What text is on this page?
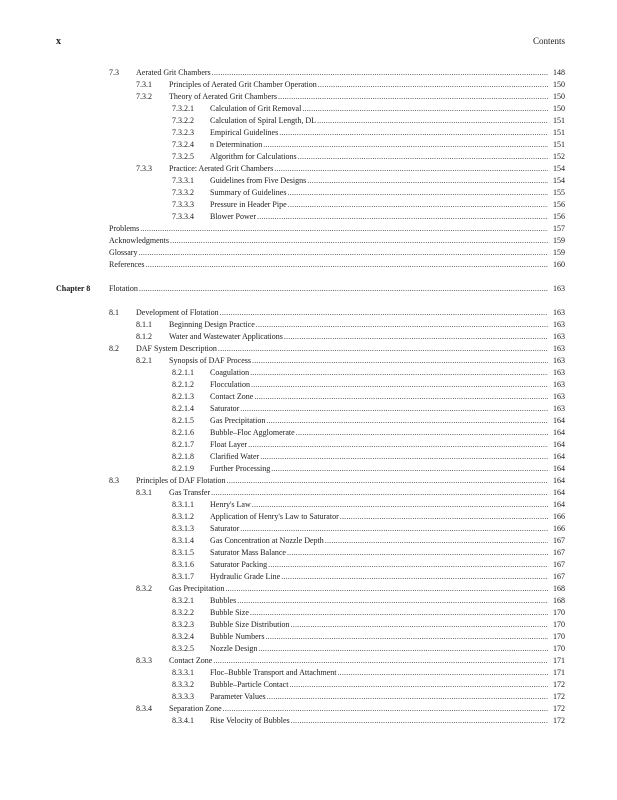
x	Contents
7.3 Aerated Grit Chambers .....	148
7.3.1 Principles of Aerated Grit Chamber Operation .....	150
7.3.2 Theory of Aerated Grit Chambers .....	150
7.3.2.1 Calculation of Grit Removal .....	150
7.3.2.2 Calculation of Spiral Length, DL .....	151
7.3.2.3 Empirical Guidelines .....	151
7.3.2.4 n Determination .....	151
7.3.2.5 Algorithm for Calculations .....	152
7.3.3 Practice: Aerated Grit Chambers .....	154
7.3.3.1 Guidelines from Five Designs .....	154
7.3.3.2 Summary of Guidelines .....	155
7.3.3.3 Pressure in Header Pipe .....	156
7.3.3.4 Blower Power .....	156
Problems .....	157
Acknowledgments .....	159
Glossary .....	159
References .....	160
Chapter 8 Flotation .....	163
8.1 Development of Flotation .....	163
8.1.1 Beginning Design Practice .....	163
8.1.2 Water and Wastewater Applications .....	163
8.2 DAF System Description .....	163
8.2.1 Synopsis of DAF Process .....	163
8.2.1.1 Coagulation .....	163
8.2.1.2 Flocculation .....	163
8.2.1.3 Contact Zone .....	163
8.2.1.4 Saturator .....	163
8.2.1.5 Gas Precipitation .....	164
8.2.1.6 Bubble–Floc Agglomerate .....	164
8.2.1.7 Float Layer .....	164
8.2.1.8 Clarified Water .....	164
8.2.1.9 Further Processing .....	164
8.3 Principles of DAF Flotation .....	164
8.3.1 Gas Transfer .....	164
8.3.1.1 Henry's Law .....	164
8.3.1.2 Application of Henry's Law to Saturator .....	166
8.3.1.3 Saturator .....	166
8.3.1.4 Gas Concentration at Nozzle Depth .....	167
8.3.1.5 Saturator Mass Balance .....	167
8.3.1.6 Saturator Packing .....	167
8.3.1.7 Hydraulic Grade Line .....	167
8.3.2 Gas Precipitation .....	168
8.3.2.1 Bubbles .....	168
8.3.2.2 Bubble Size .....	170
8.3.2.3 Bubble Size Distribution .....	170
8.3.2.4 Bubble Numbers .....	170
8.3.2.5 Nozzle Design .....	170
8.3.3 Contact Zone .....	171
8.3.3.1 Floc–Bubble Transport and Attachment .....	171
8.3.3.2 Bubble–Particle Contact .....	172
8.3.3.3 Parameter Values .....	172
8.3.4 Separation Zone .....	172
8.3.4.1 Rise Velocity of Bubbles .....	172
